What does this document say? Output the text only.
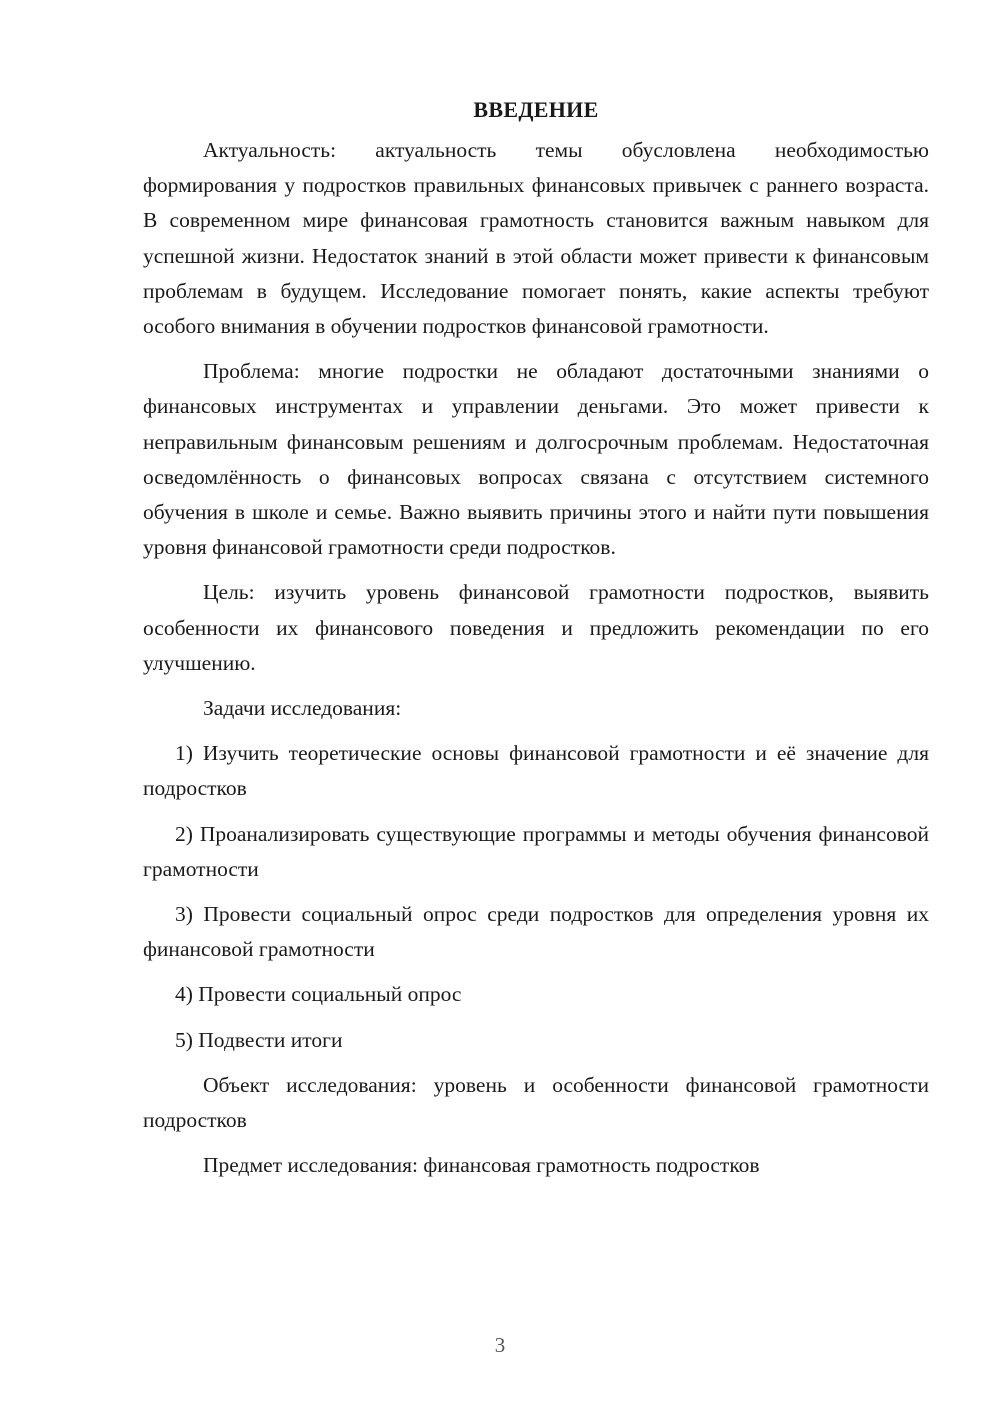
ВВЕДЕНИЕ

Актуальность: актуальность темы обусловлена необходимостью формирования у подростков правильных финансовых привычек с раннего возраста. В современном мире финансовая грамотность становится важным навыком для успешной жизни. Недостаток знаний в этой области может привести к финансовым проблемам в будущем. Исследование помогает понять, какие аспекты требуют особого внимания в обучении подростков финансовой грамотности.

Проблема: многие подростки не обладают достаточными знаниями о финансовых инструментах и управлении деньгами. Это может привести к неправильным финансовым решениям и долгосрочным проблемам. Недостаточная осведомлённость о финансовых вопросах связана с отсутствием системного обучения в школе и семье. Важно выявить причины этого и найти пути повышения уровня финансовой грамотности среди подростков.

Цель: изучить уровень финансовой грамотности подростков, выявить особенности их финансового поведения и предложить рекомендации по его улучшению.

Задачи исследования:

1) Изучить теоретические основы финансовой грамотности и её значение для подростков

2) Проанализировать существующие программы и методы обучения финансовой грамотности

3) Провести социальный опрос среди подростков для определения уровня их финансовой грамотности

4) Провести социальный опрос

5) Подвести итоги

Объект исследования: уровень и особенности финансовой грамотности подростков

Предмет исследования: финансовая грамотность подростков

3
